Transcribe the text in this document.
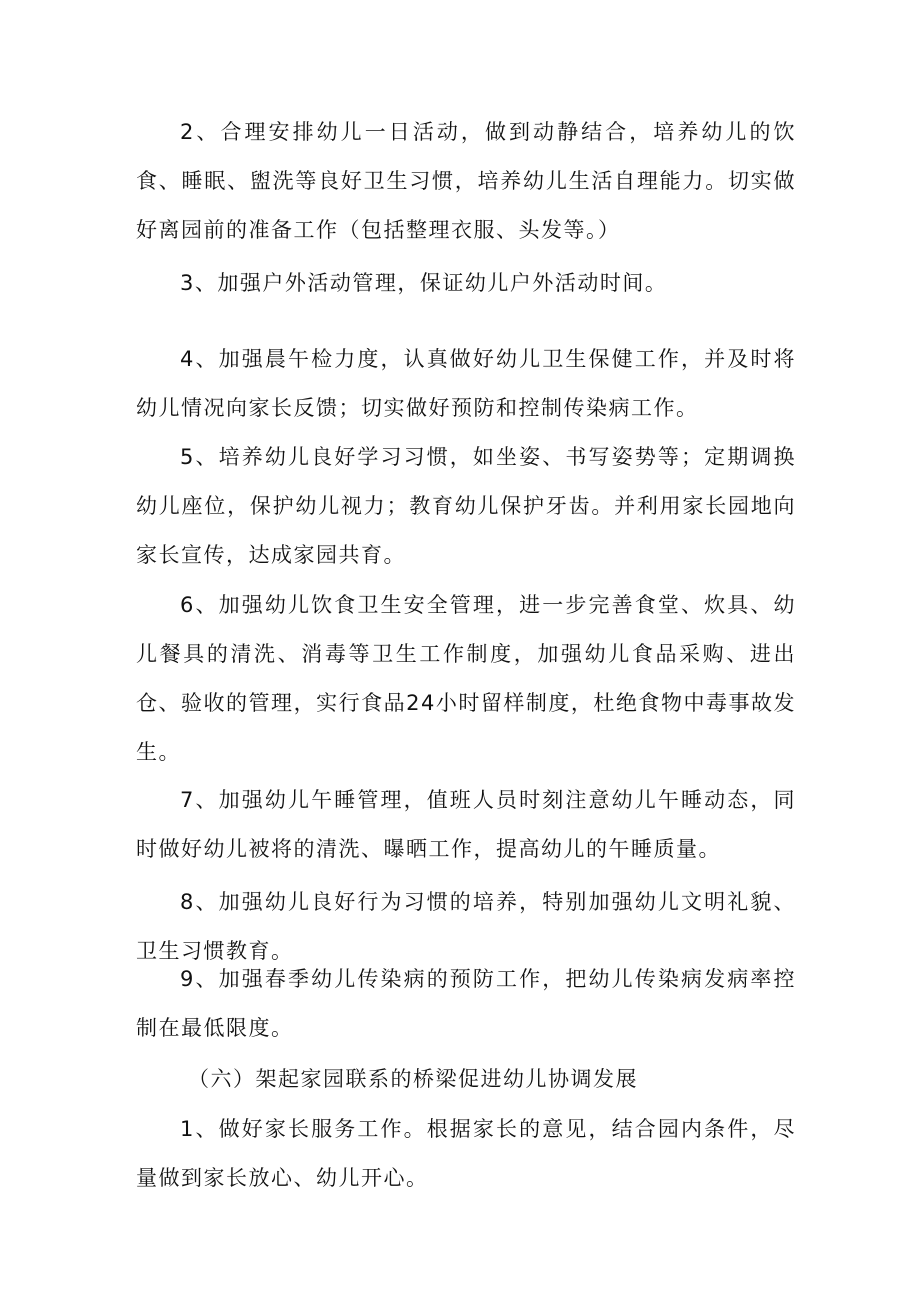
2、合理安排幼儿一日活动，做到动静结合，培养幼儿的饮食、睡眠、盥洗等良好卫生习惯，培养幼儿生活自理能力。切实做好离园前的准备工作（包括整理衣服、头发等。）

3、加强户外活动管理，保证幼儿户外活动时间。

4、加强晨午检力度，认真做好幼儿卫生保健工作，并及时将幼儿情况向家长反馈；切实做好预防和控制传染病工作。

5、培养幼儿良好学习习惯，如坐姿、书写姿势等；定期调换幼儿座位，保护幼儿视力；教育幼儿保护牙齿。并利用家长园地向家长宣传，达成家园共育。

6、加强幼儿饮食卫生安全管理，进一步完善食堂、炊具、幼儿餐具的清洗、消毒等卫生工作制度，加强幼儿食品采购、进出仓、验收的管理，实行食品24小时留样制度，杜绝食物中毒事故发生。

7、加强幼儿午睡管理，值班人员时刻注意幼儿午睡动态，同时做好幼儿被将的清洗、曝晒工作，提高幼儿的午睡质量。

8、加强幼儿良好行为习惯的培养，特别加强幼儿文明礼貌、卫生习惯教育。

9、加强春季幼儿传染病的预防工作，把幼儿传染病发病率控制在最低限度。

（六）架起家园联系的桥梁促进幼儿协调发展

1、做好家长服务工作。根据家长的意见，结合园内条件，尽量做到家长放心、幼儿开心。
